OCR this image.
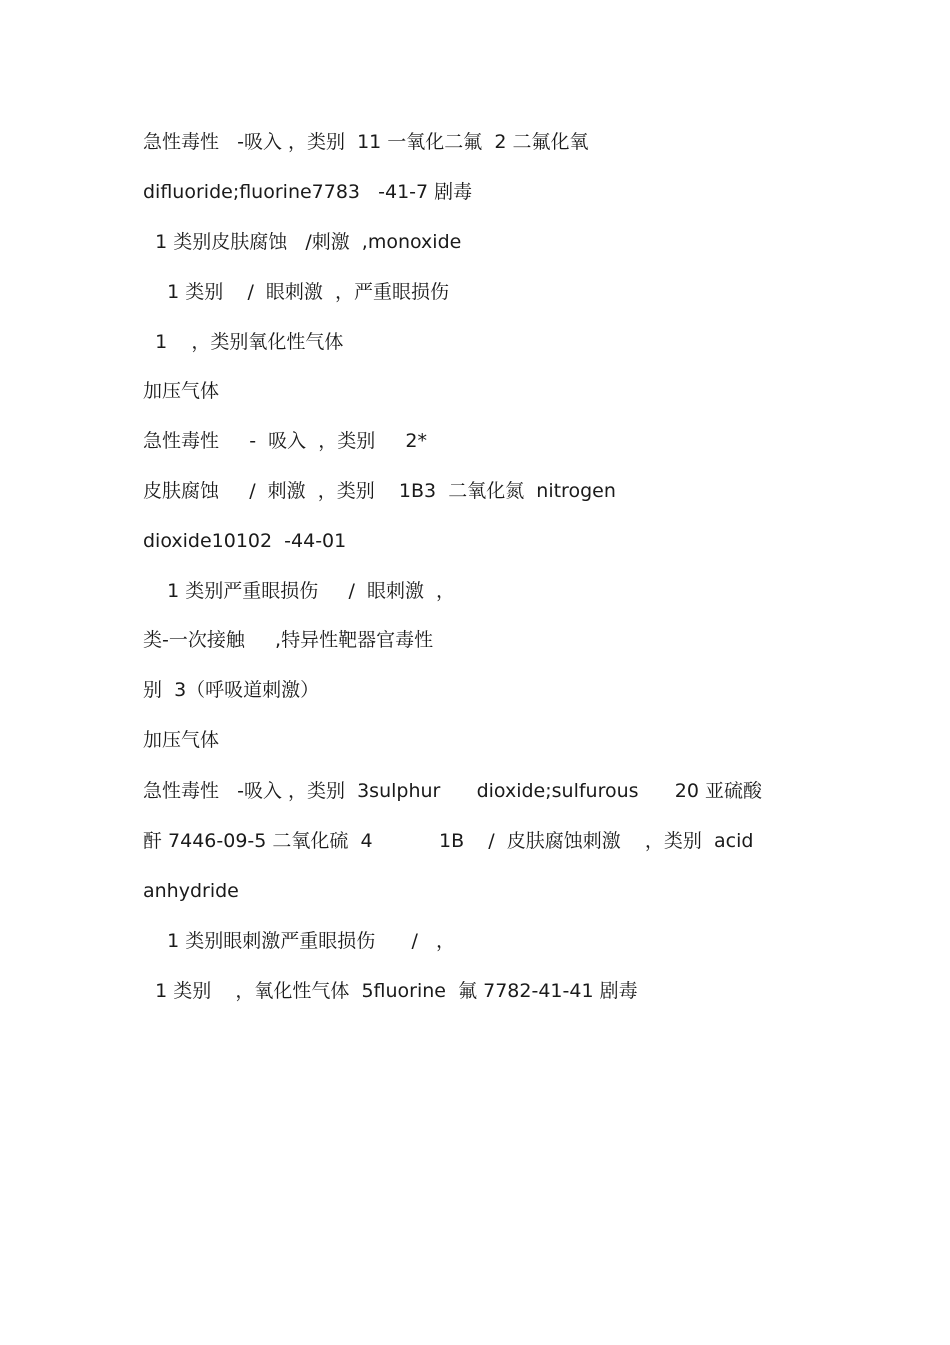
急性毒性   -吸入 ，类别  11 一氧化二氟  2 二氟化氧
difluoride;fluorine7783   -41-7 剧毒
1 类别皮肤腐蚀   /刺激  ,monoxide
1 类别    /  眼刺激  ，严重眼损伤
1    ，类别氧化性气体
加压气体
急性毒性     -  吸入  ，类别     2*
皮肤腐蚀     /  刺激  ，类别    1B3  二氧化氮  nitrogen
dioxide10102  -44-01
1 类别严重眼损伤     /  眼刺激  ，
类-一次接触     ,特异性靶器官毒性
别  3（呼吸道刺激）
加压气体
急性毒性   -吸入 ，类别  3sulphur      dioxide;sulfurous      20 亚硫酸
酐 7446-09-5 二氧化硫  4           1B    /  皮肤腐蚀刺激    ，类别  acid
anhydride
1 类别眼刺激严重眼损伤      /   ，
1 类别    ，氧化性气体  5fluorine  氟 7782-41-41 剧毒
